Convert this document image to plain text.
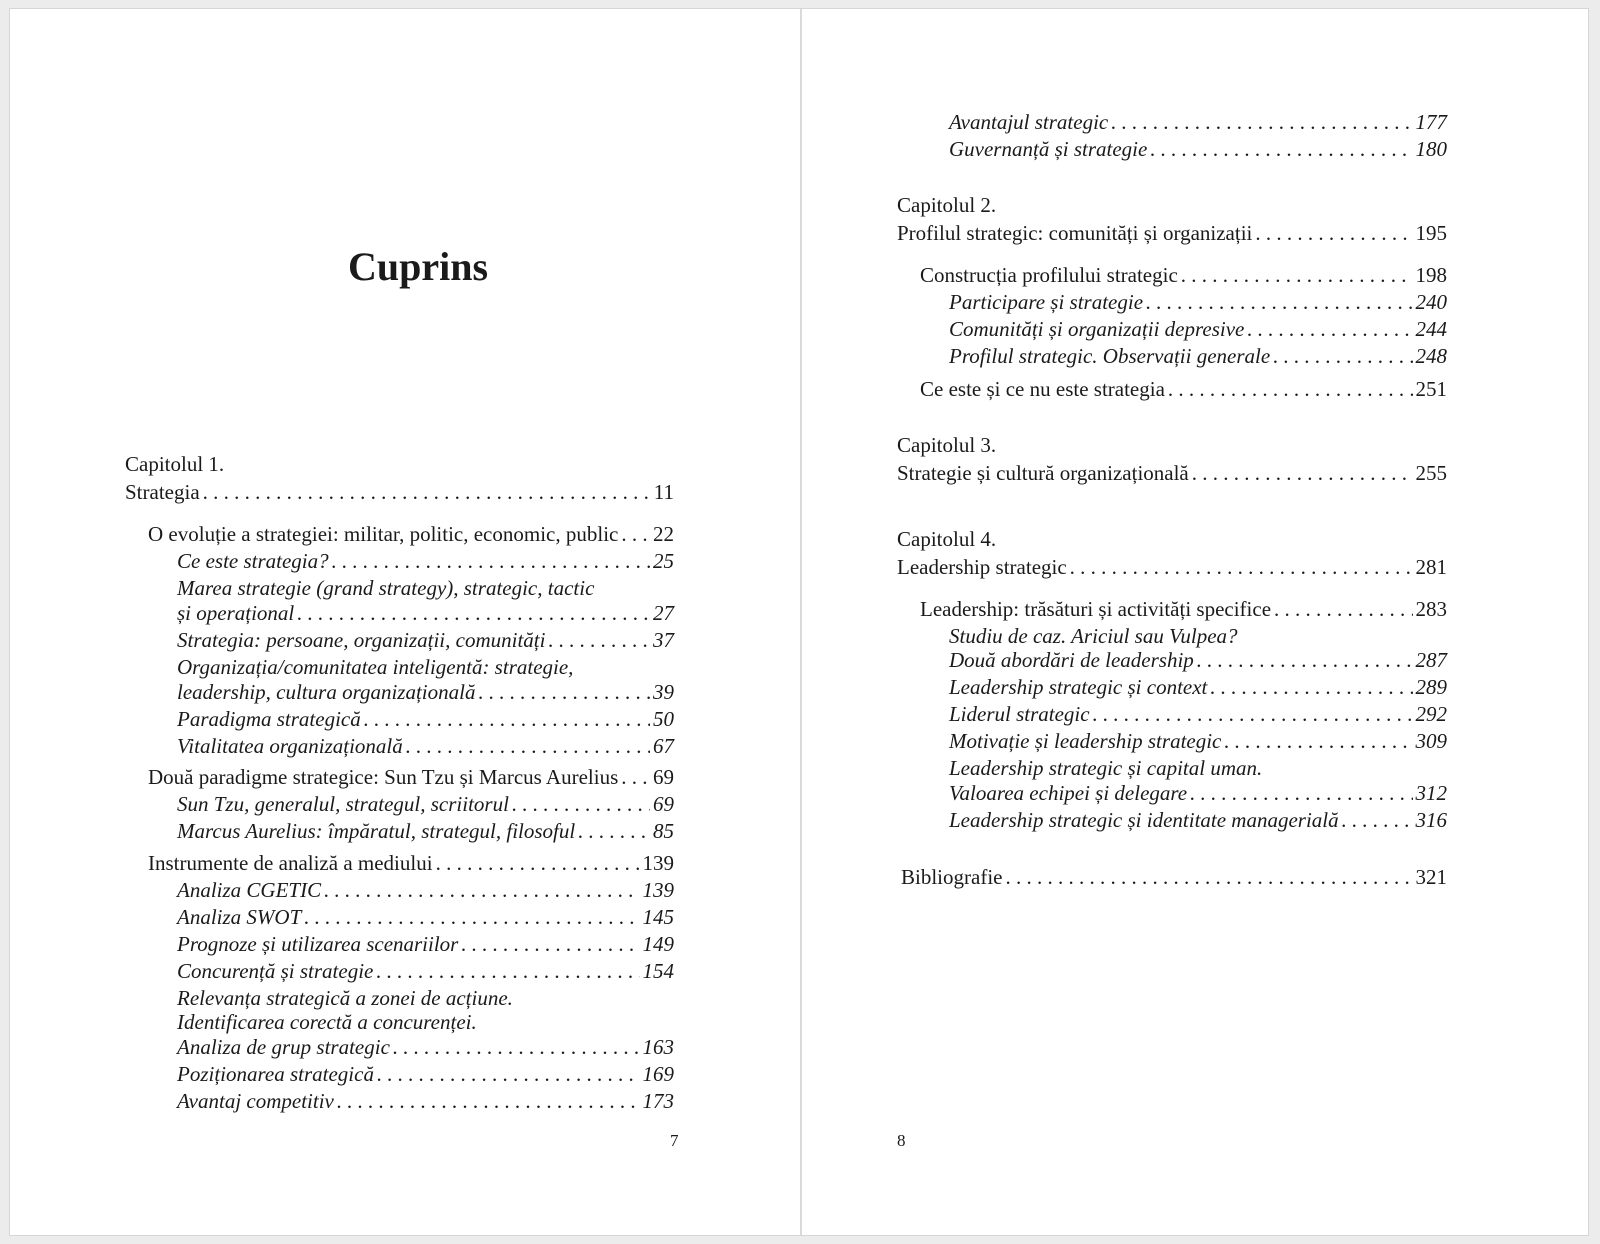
Cuprins
Capitolul 1.
Strategia . . .	11
O evoluție a strategiei: militar, politic, economic, public . . . 22
Ce este strategia? . . .	25
Marea strategie (grand strategy), strategic, tactic
și operațional . . .	27
Strategia: persoane, organizații, comunități . . .	37
Organizația/comunitatea inteligentă: strategie,
leadership, cultura organizațională . . .	39
Paradigma strategică . . .	50
Vitalitatea organizațională . . .	67
Două paradigme strategice: Sun Tzu și Marcus Aurelius . . . 69
Sun Tzu, generalul, strategul, scriitorul . . .	69
Marcus Aurelius: împăratul, strategul, filosoful . . .	85
Instrumente de analiză a mediului . . .	139
Analiza CGETIC . . .	139
Analiza SWOT . . .	145
Prognoze și utilizarea scenariilor . . .	149
Concurență și strategie . . .	154
Relevanța strategică a zonei de acțiune.
Identificarea corectă a concurenței.
Analiza de grup strategic . . .	163
Poziționarea strategică . . .	169
Avantaj competitiv . . .	173
7
Avantajul strategic . . .	177
Guvernanță și strategie . . .	180
Capitolul 2.
Profilul strategic: comunități și organizații . . .	195
Construcția profilului strategic . . .	198
Participare și strategie . . .	240
Comunități și organizații depresive . . .	244
Profilul strategic. Observații generale . . .	248
Ce este și ce nu este strategia . . .	251
Capitolul 3.
Strategie și cultură organizațională . . .	255
Capitolul 4.
Leadership strategic . . .	281
Leadership: trăsături și activități specifice . . .	283
Studiu de caz. Ariciul sau Vulpea?
Două abordări de leadership . . .	287
Leadership strategic și context . . .	289
Liderul strategic . . .	292
Motivație și leadership strategic . . .	309
Leadership strategic și capital uman.
Valoarea echipei și delegare . . .	312
Leadership strategic și identitate managerială . . .	316
Bibliografie . . .	321
8
